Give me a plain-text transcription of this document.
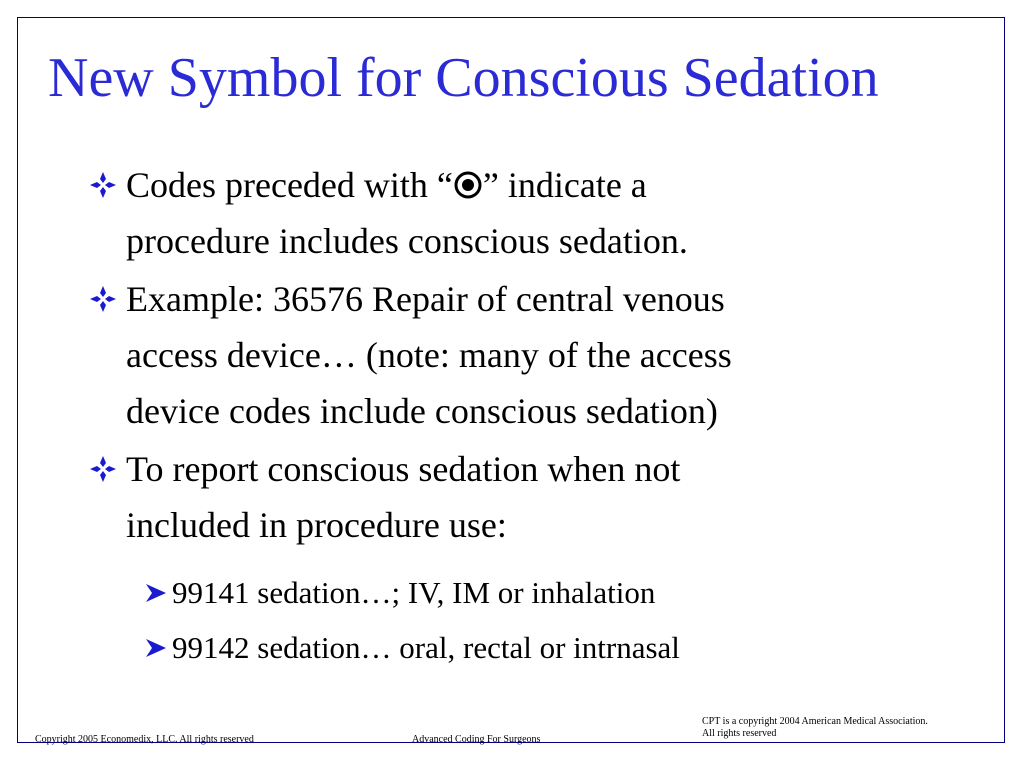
New Symbol for Conscious Sedation
Codes preceded with “ ” indicate a
procedure includes conscious sedation.
Example: 36576 Repair of central venous
access device… (note: many of the access
device codes include conscious sedation)
To report conscious sedation when not
included in procedure use:
99141 sedation…; IV, IM or inhalation
99142 sedation… oral, rectal or intrnasal
Copyright 2005 Economedix, LLC. All rights reserved	Advanced Coding For Surgeons
CPT is a copyright 2004 American Medical Association.
All rights reserved
